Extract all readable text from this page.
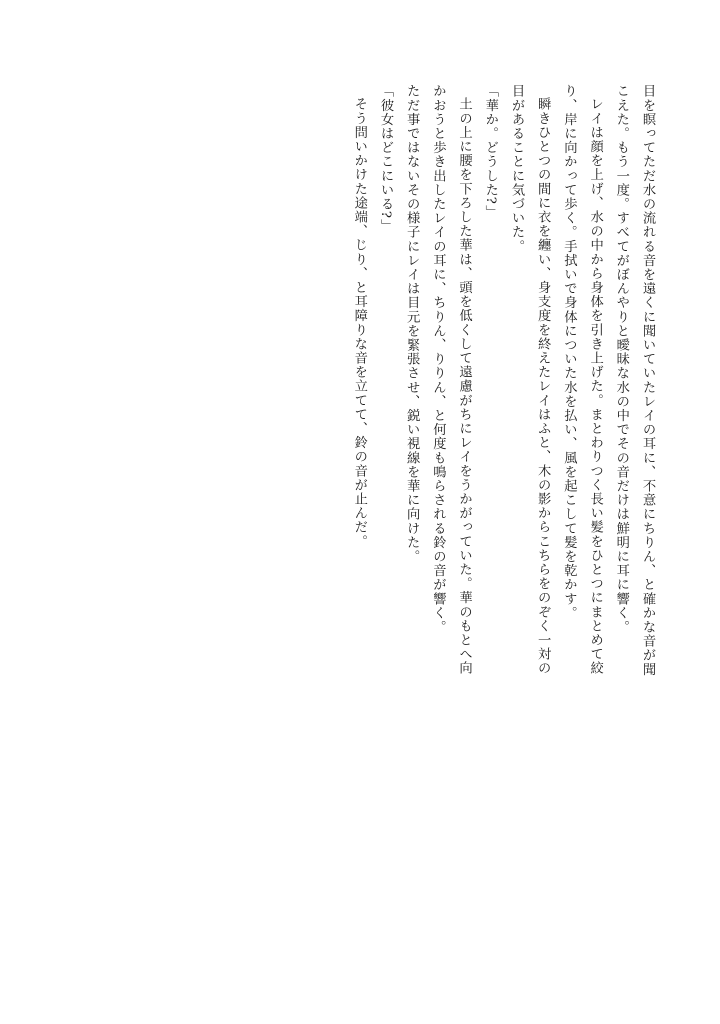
目を瞑ってただ水の流れる音を遠くに聞いていたレイの耳に、不意にちりん、と確かな音が聞こえた。もう一度。すべてがぼんやりと曖昧な水の中でその音だけは鮮明に耳に響く。

レイは顔を上げ、水の中から身体を引き上げた。まとわりつく長い髪をひとつにまとめて絞り、岸に向かって歩く。手拭いで身体についた水を払い、風を起こして髪を乾かす。

瞬きひとつの間に衣を纏い、身支度を終えたレイはふと、木の影からこちらをのぞく一対の目があることに気づいた。

「華か。どうした?」

土の上に腰を下ろした華は、頭を低くして遠慮がちにレイをうかがっていた。華のもとへ向かおうと歩き出したレイの耳に、ちりん、りりん、と何度も鳴らされる鈴の音が響く。

ただ事ではないその様子にレイは目元を緊張させ、鋭い視線を華に向けた。

「彼女はどこにいる?」

そう問いかけた途端、じり、と耳障りな音を立てて、鈴の音が止んだ。
